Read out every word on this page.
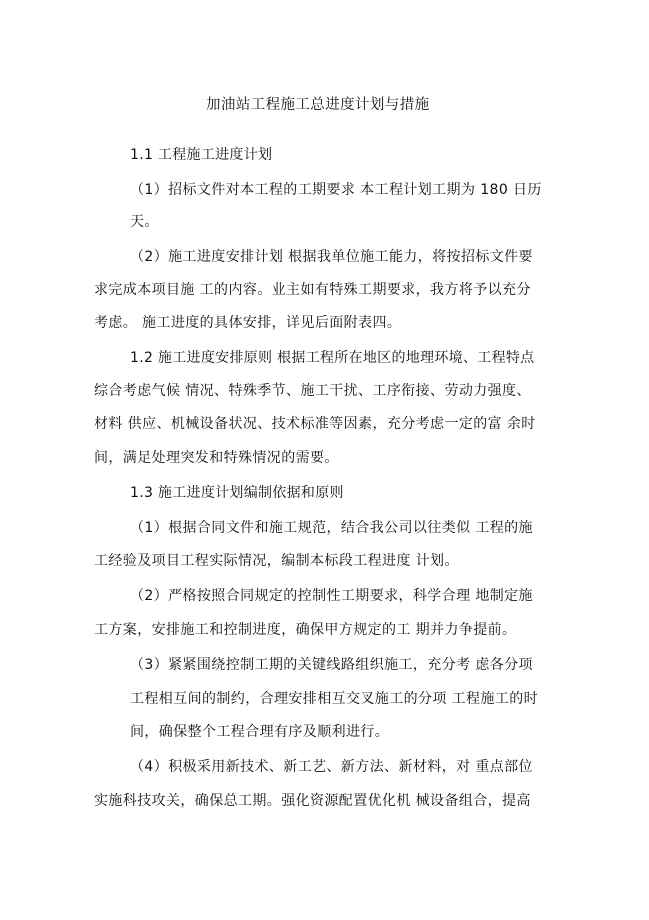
加油站工程施工总进度计划与措施
1.1 工程施工进度计划
（1）招标文件对本工程的工期要求 本工程计划工期为 180 日历
天。
（2）施工进度安排计划 根据我单位施工能力，将按招标文件要
求完成本项目施 工的内容。业主如有特殊工期要求，我方将予以充分
考虑。 施工进度的具体安排，详见后面附表四。
1.2 施工进度安排原则 根据工程所在地区的地理环境、工程特点
综合考虑气候 情况、特殊季节、施工干扰、工序衔接、劳动力强度、
材料 供应、机械设备状况、技术标准等因素，充分考虑一定的富 余时
间，满足处理突发和特殊情况的需要。
1.3 施工进度计划编制依据和原则
（1）根据合同文件和施工规范，结合我公司以往类似 工程的施
工经验及项目工程实际情况，编制本标段工程进度 计划。
（2）严格按照合同规定的控制性工期要求，科学合理 地制定施
工方案，安排施工和控制进度，确保甲方规定的工 期并力争提前。
（3）紧紧围绕控制工期的关键线路组织施工，充分考 虑各分项
工程相互间的制约，合理安排相互交叉施工的分项 工程施工的时
间，确保整个工程合理有序及顺利进行。
（4）积极采用新技术、新工艺、新方法、新材料，对 重点部位
实施科技攻关，确保总工期。强化资源配置优化机 械设备组合，提高
